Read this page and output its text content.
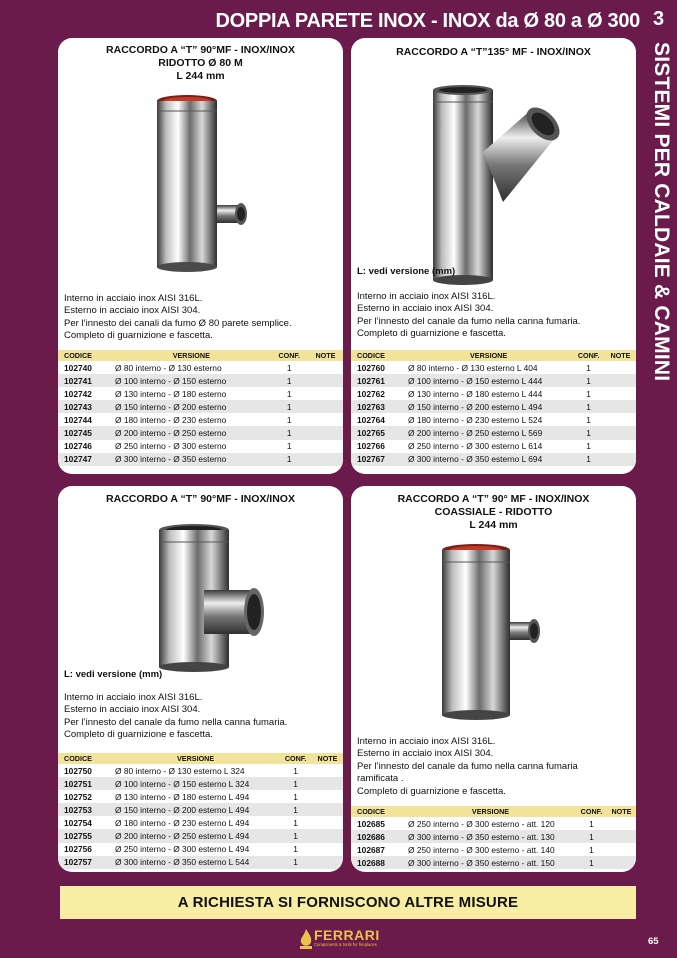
DOPPIA PARETE INOX - INOX da Ø 80 a Ø 300 3
SISTEMI PER CALDAIE & CAMINI
RACCORDO A “T” 90°MF - INOX/INOX
RIDOTTO Ø 80 M
L 244 mm
Interno in acciaio inox AISI 316L.
Esterno in acciaio inox AISI 304.
Per l’innesto dei canali da fumo Ø 80 parete semplice.
Completo di guarnizione e fascetta.
CODICE	VERSIONE	CONF.	NOTE
102740	Ø 80 interno - Ø 130 esterno	1	
102741	Ø 100 interno - Ø 150 esterno	1	
102742	Ø 130 interno - Ø 180 esterno	1	
102743	Ø 150 interno - Ø 200 esterno	1	
102744	Ø 180 interno - Ø 230 esterno	1	
102745	Ø 200 interno - Ø 250 esterno	1	
102746	Ø 250 interno - Ø 300 esterno	1	
102747	Ø 300 interno - Ø 350 esterno	1	
RACCORDO A “T”135° MF - INOX/INOX
L: vedi versione (mm)
Interno in acciaio inox AISI 316L.
Esterno in acciaio inox AISI 304.
Per l’innesto del canale da fumo nella canna fumaria.
Completo di guarnizione e fascetta.
CODICE	VERSIONE	CONF.	NOTE
102760	Ø 80 interno - Ø 130 esterno L 404	1	
102761	Ø 100 interno - Ø 150 esterno L 444	1	
102762	Ø 130 interno - Ø 180 esterno L 444	1	
102763	Ø 150 interno - Ø 200 esterno L 494	1	
102764	Ø 180 interno - Ø 230 esterno L 524	1	
102765	Ø 200 interno - Ø 250 esterno L 569	1	
102766	Ø 250 interno - Ø 300 esterno L 614	1	
102767	Ø 300 interno - Ø 350 esterno L 694	1	
RACCORDO A “T” 90°MF - INOX/INOX
L: vedi versione (mm)
Interno in acciaio inox AISI 316L.
Esterno in acciaio inox AISI 304.
Per l’innesto del canale da fumo nella canna fumaria.
Completo di guarnizione e fascetta.
CODICE	VERSIONE	CONF.	NOTE
102750	Ø 80 interno - Ø 130 esterno L 324	1	
102751	Ø 100 interno - Ø 150 esterno L 324	1	
102752	Ø 130 interno - Ø 180 esterno L 494	1	
102753	Ø 150 interno - Ø 200 esterno L 494	1	
102754	Ø 180 interno - Ø 230 esterno L 494	1	
102755	Ø 200 interno - Ø 250 esterno L 494	1	
102756	Ø 250 interno - Ø 300 esterno L 494	1	
102757	Ø 300 interno - Ø 350 esterno L 544	1	
RACCORDO A “T” 90° MF - INOX/INOX
COASSIALE - RIDOTTO
L 244 mm
Interno in acciaio inox AISI 316L.
Esterno in acciaio inox AISI 304.
Per l’innesto del canale da fumo nella canna fumaria
ramificata .
Completo di guarnizione e fascetta.
CODICE	VERSIONE	CONF.	NOTE
102685	Ø 250 interno - Ø 300 esterno - att. 120	1	
102686	Ø 300 interno - Ø 350 esterno - att. 130	1	
102687	Ø 250 interno - Ø 300 esterno - att. 140	1	
102688	Ø 300 interno - Ø 350 esterno - att. 150	1	
A RICHIESTA SI FORNISCONO ALTRE MISURE
FERRARI
Components & tools for fireplaces	65
